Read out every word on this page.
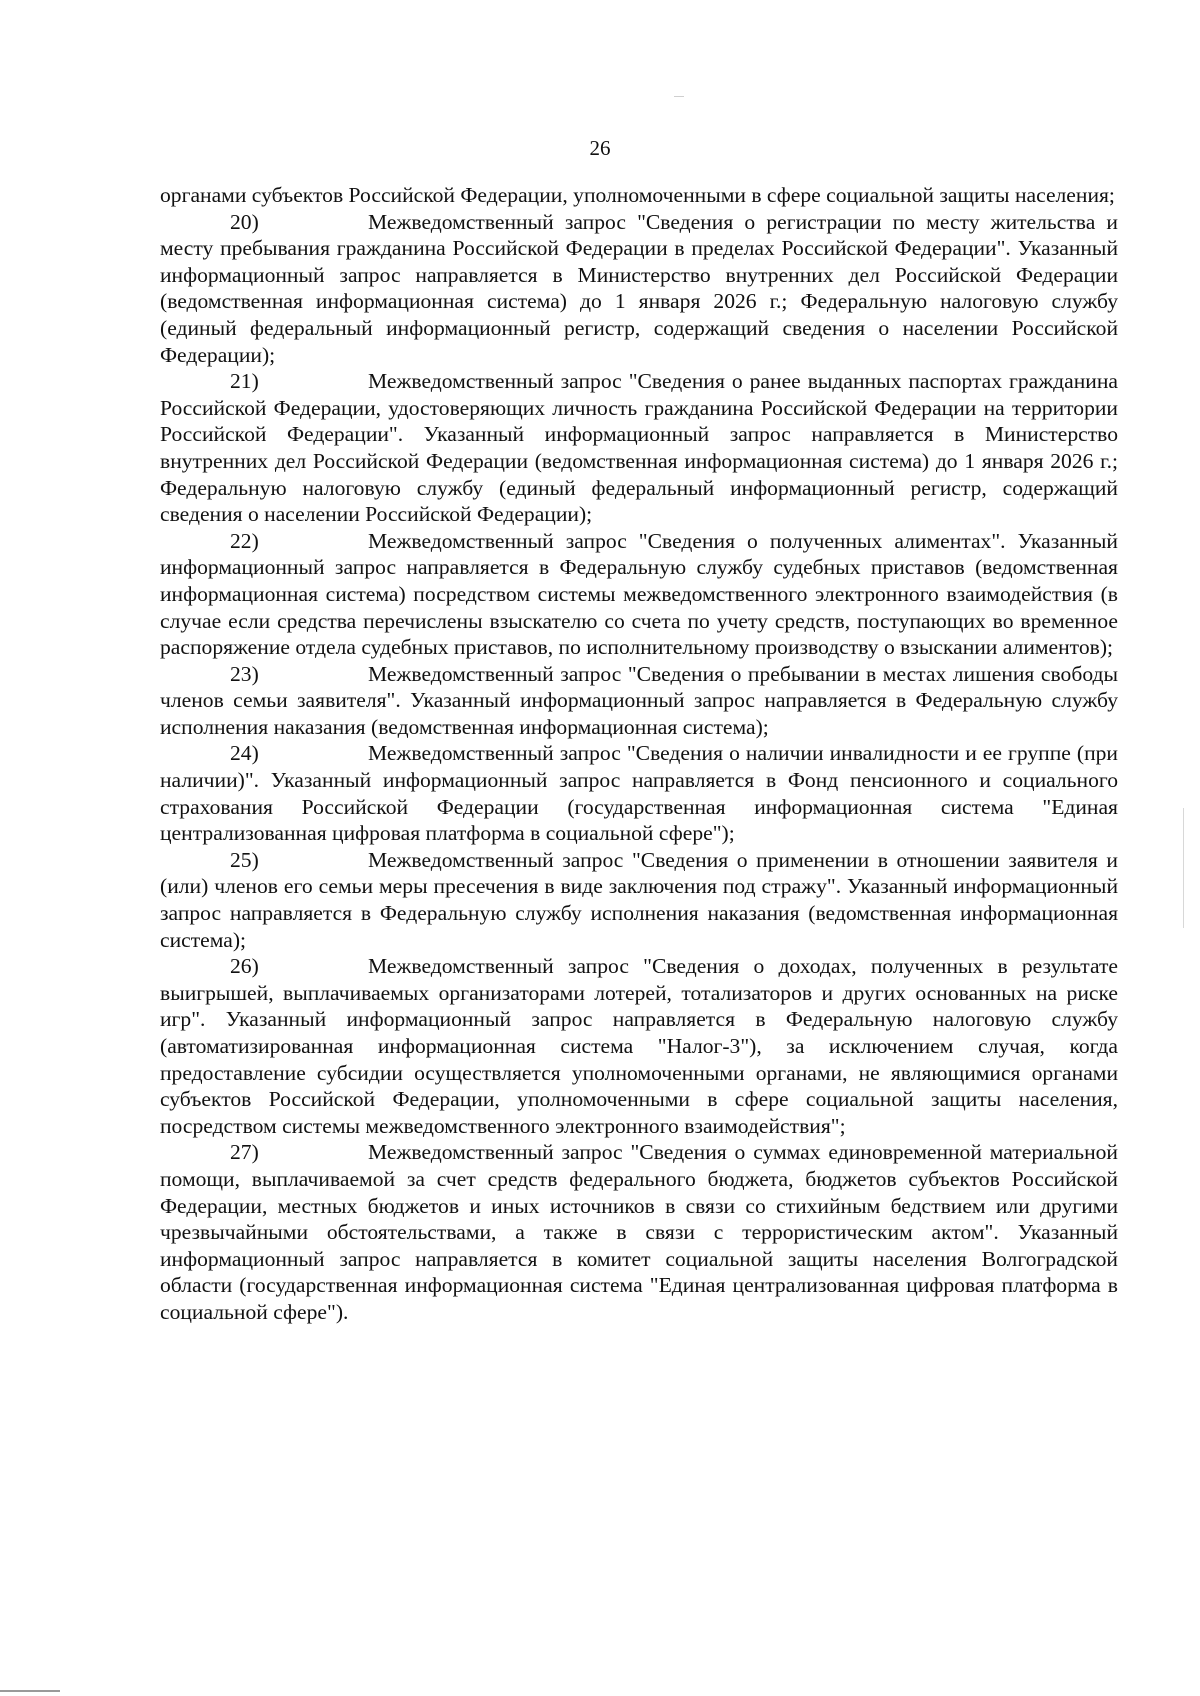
26

органами субъектов Российской Федерации, уполномоченными в сфере социальной защиты населения;

20)	Межведомственный запрос "Сведения о регистрации по месту жительства и месту пребывания гражданина Российской Федерации в пределах Российской Федерации". Указанный информационный запрос направляется в Министерство внутренних дел Российской Федерации (ведомственная информационная система) до 1 января 2026 г.; Федеральную налоговую службу (единый федеральный информационный регистр, содержащий сведения о населении Российской Федерации);

21)	Межведомственный запрос "Сведения о ранее выданных паспортах гражданина Российской Федерации, удостоверяющих личность гражданина Российской Федерации на территории Российской Федерации". Указанный информационный запрос направляется в Министерство внутренних дел Российской Федерации (ведомственная информационная система) до 1 января 2026 г.; Федеральную налоговую службу (единый федеральный информационный регистр, содержащий сведения о населении Российской Федерации);

22)	Межведомственный запрос "Сведения о полученных алиментах". Указанный информационный запрос направляется в Федеральную службу судебных приставов (ведомственная информационная система) посредством системы межведомственного электронного взаимодействия (в случае если средства перечислены взыскателю со счета по учету средств, поступающих во временное распоряжение отдела судебных приставов, по исполнительному производству о взыскании алиментов);

23)	Межведомственный запрос "Сведения о пребывании в местах лишения свободы членов семьи заявителя". Указанный информационный запрос направляется в Федеральную службу исполнения наказания (ведомственная информационная система);

24)	Межведомственный запрос "Сведения о наличии инвалидности и ее группе (при наличии)". Указанный информационный запрос направляется в Фонд пенсионного и социального страхования Российской Федерации (государственная информационная система "Единая централизованная цифровая платформа в социальной сфере");

25)	Межведомственный запрос "Сведения о применении в отношении заявителя и (или) членов его семьи меры пресечения в виде заключения под стражу". Указанный информационный запрос направляется в Федеральную службу исполнения наказания (ведомственная информационная система);

26)	Межведомственный запрос "Сведения о доходах, полученных в результате выигрышей, выплачиваемых организаторами лотерей, тотализаторов и других основанных на риске игр". Указанный информационный запрос направляется в Федеральную налоговую службу (автоматизированная информационная система "Налог-3"), за исключением случая, когда предоставление субсидии осуществляется уполномоченными органами, не являющимися органами субъектов Российской Федерации, уполномоченными в сфере социальной защиты населения, посредством системы межведомственного электронного взаимодействия";

27)	Межведомственный запрос "Сведения о суммах единовременной материальной помощи, выплачиваемой за счет средств федерального бюджета, бюджетов субъектов Российской Федерации, местных бюджетов и иных источников в связи со стихийным бедствием или другими чрезвычайными обстоятельствами, а также в связи с террористическим актом". Указанный информационный запрос направляется в комитет социальной защиты населения Волгоградской области (государственная информационная система "Единая централизованная цифровая платформа в социальной сфере").
